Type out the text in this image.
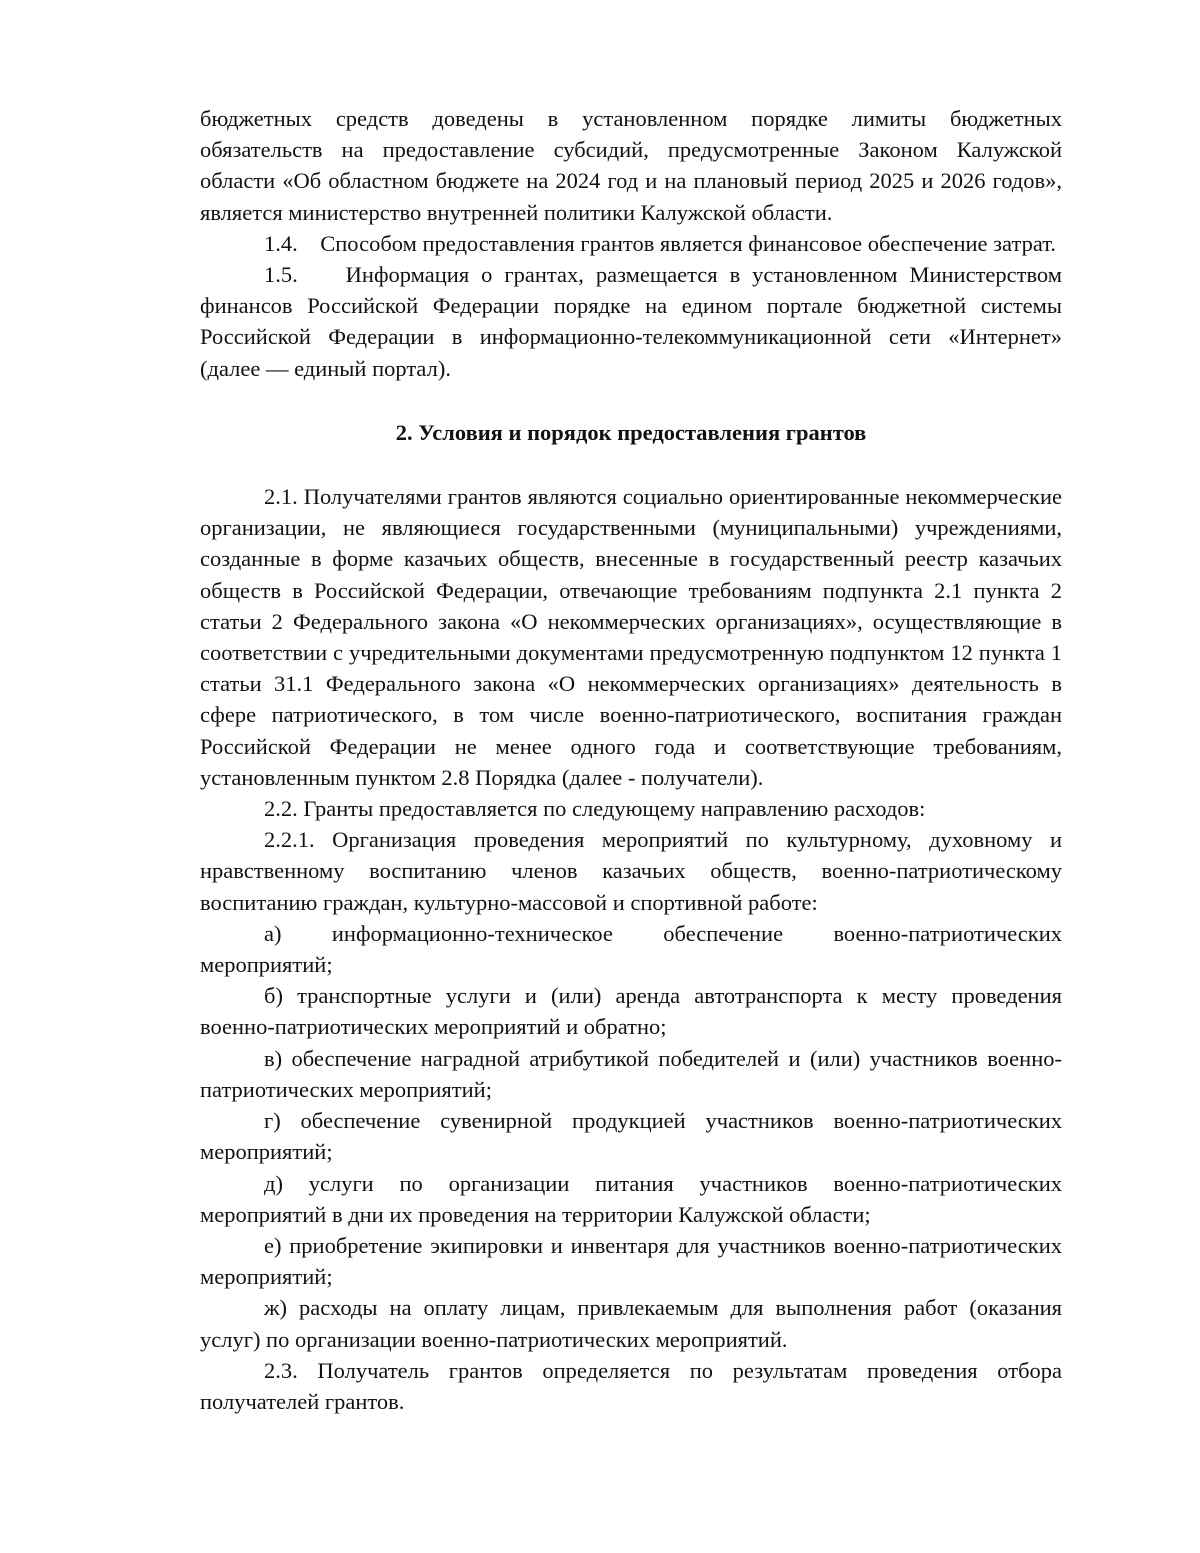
бюджетных средств доведены в установленном порядке лимиты бюджетных обязательств на предоставление субсидий, предусмотренные Законом Калужской области «Об областном бюджете на 2024 год и на плановый период 2025 и 2026 годов», является министерство внутренней политики Калужской области.

1.4. Способом предоставления грантов является финансовое обеспечение затрат.

1.5. Информация о грантах, размещается в установленном Министерством финансов Российской Федерации порядке на едином портале бюджетной системы Российской Федерации в информационно-телекоммуникационной сети «Интернет» (далее — единый портал).

2. Условия и порядок предоставления грантов

2.1. Получателями грантов являются социально ориентированные некоммерческие организации, не являющиеся государственными (муниципальными) учреждениями, созданные в форме казачьих обществ, внесенные в государственный реестр казачьих обществ в Российской Федерации, отвечающие требованиям подпункта 2.1 пункта 2 статьи 2 Федерального закона «О некоммерческих организациях», осуществляющие в соответствии с учредительными документами предусмотренную подпунктом 12 пункта 1 статьи 31.1 Федерального закона «О некоммерческих организациях» деятельность в сфере патриотического, в том числе военно-патриотического, воспитания граждан Российской Федерации не менее одного года и соответствующие требованиям, установленным пунктом 2.8 Порядка (далее - получатели).

2.2. Гранты предоставляется по следующему направлению расходов:

2.2.1. Организация проведения мероприятий по культурному, духовному и нравственному воспитанию членов казачьих обществ, военно-патриотическому воспитанию граждан, культурно-массовой и спортивной работе:

а) информационно-техническое обеспечение военно-патриотических мероприятий;

б) транспортные услуги и (или) аренда автотранспорта к месту проведения военно-патриотических мероприятий и обратно;

в) обеспечение наградной атрибутикой победителей и (или) участников военно-патриотических мероприятий;

г) обеспечение сувенирной продукцией участников военно-патриотических мероприятий;

д) услуги по организации питания участников военно-патриотических мероприятий в дни их проведения на территории Калужской области;

е) приобретение экипировки и инвентаря для участников военно-патриотических мероприятий;

ж) расходы на оплату лицам, привлекаемым для выполнения работ (оказания услуг) по организации военно-патриотических мероприятий.

2.3. Получатель грантов определяется по результатам проведения отбора получателей грантов.
